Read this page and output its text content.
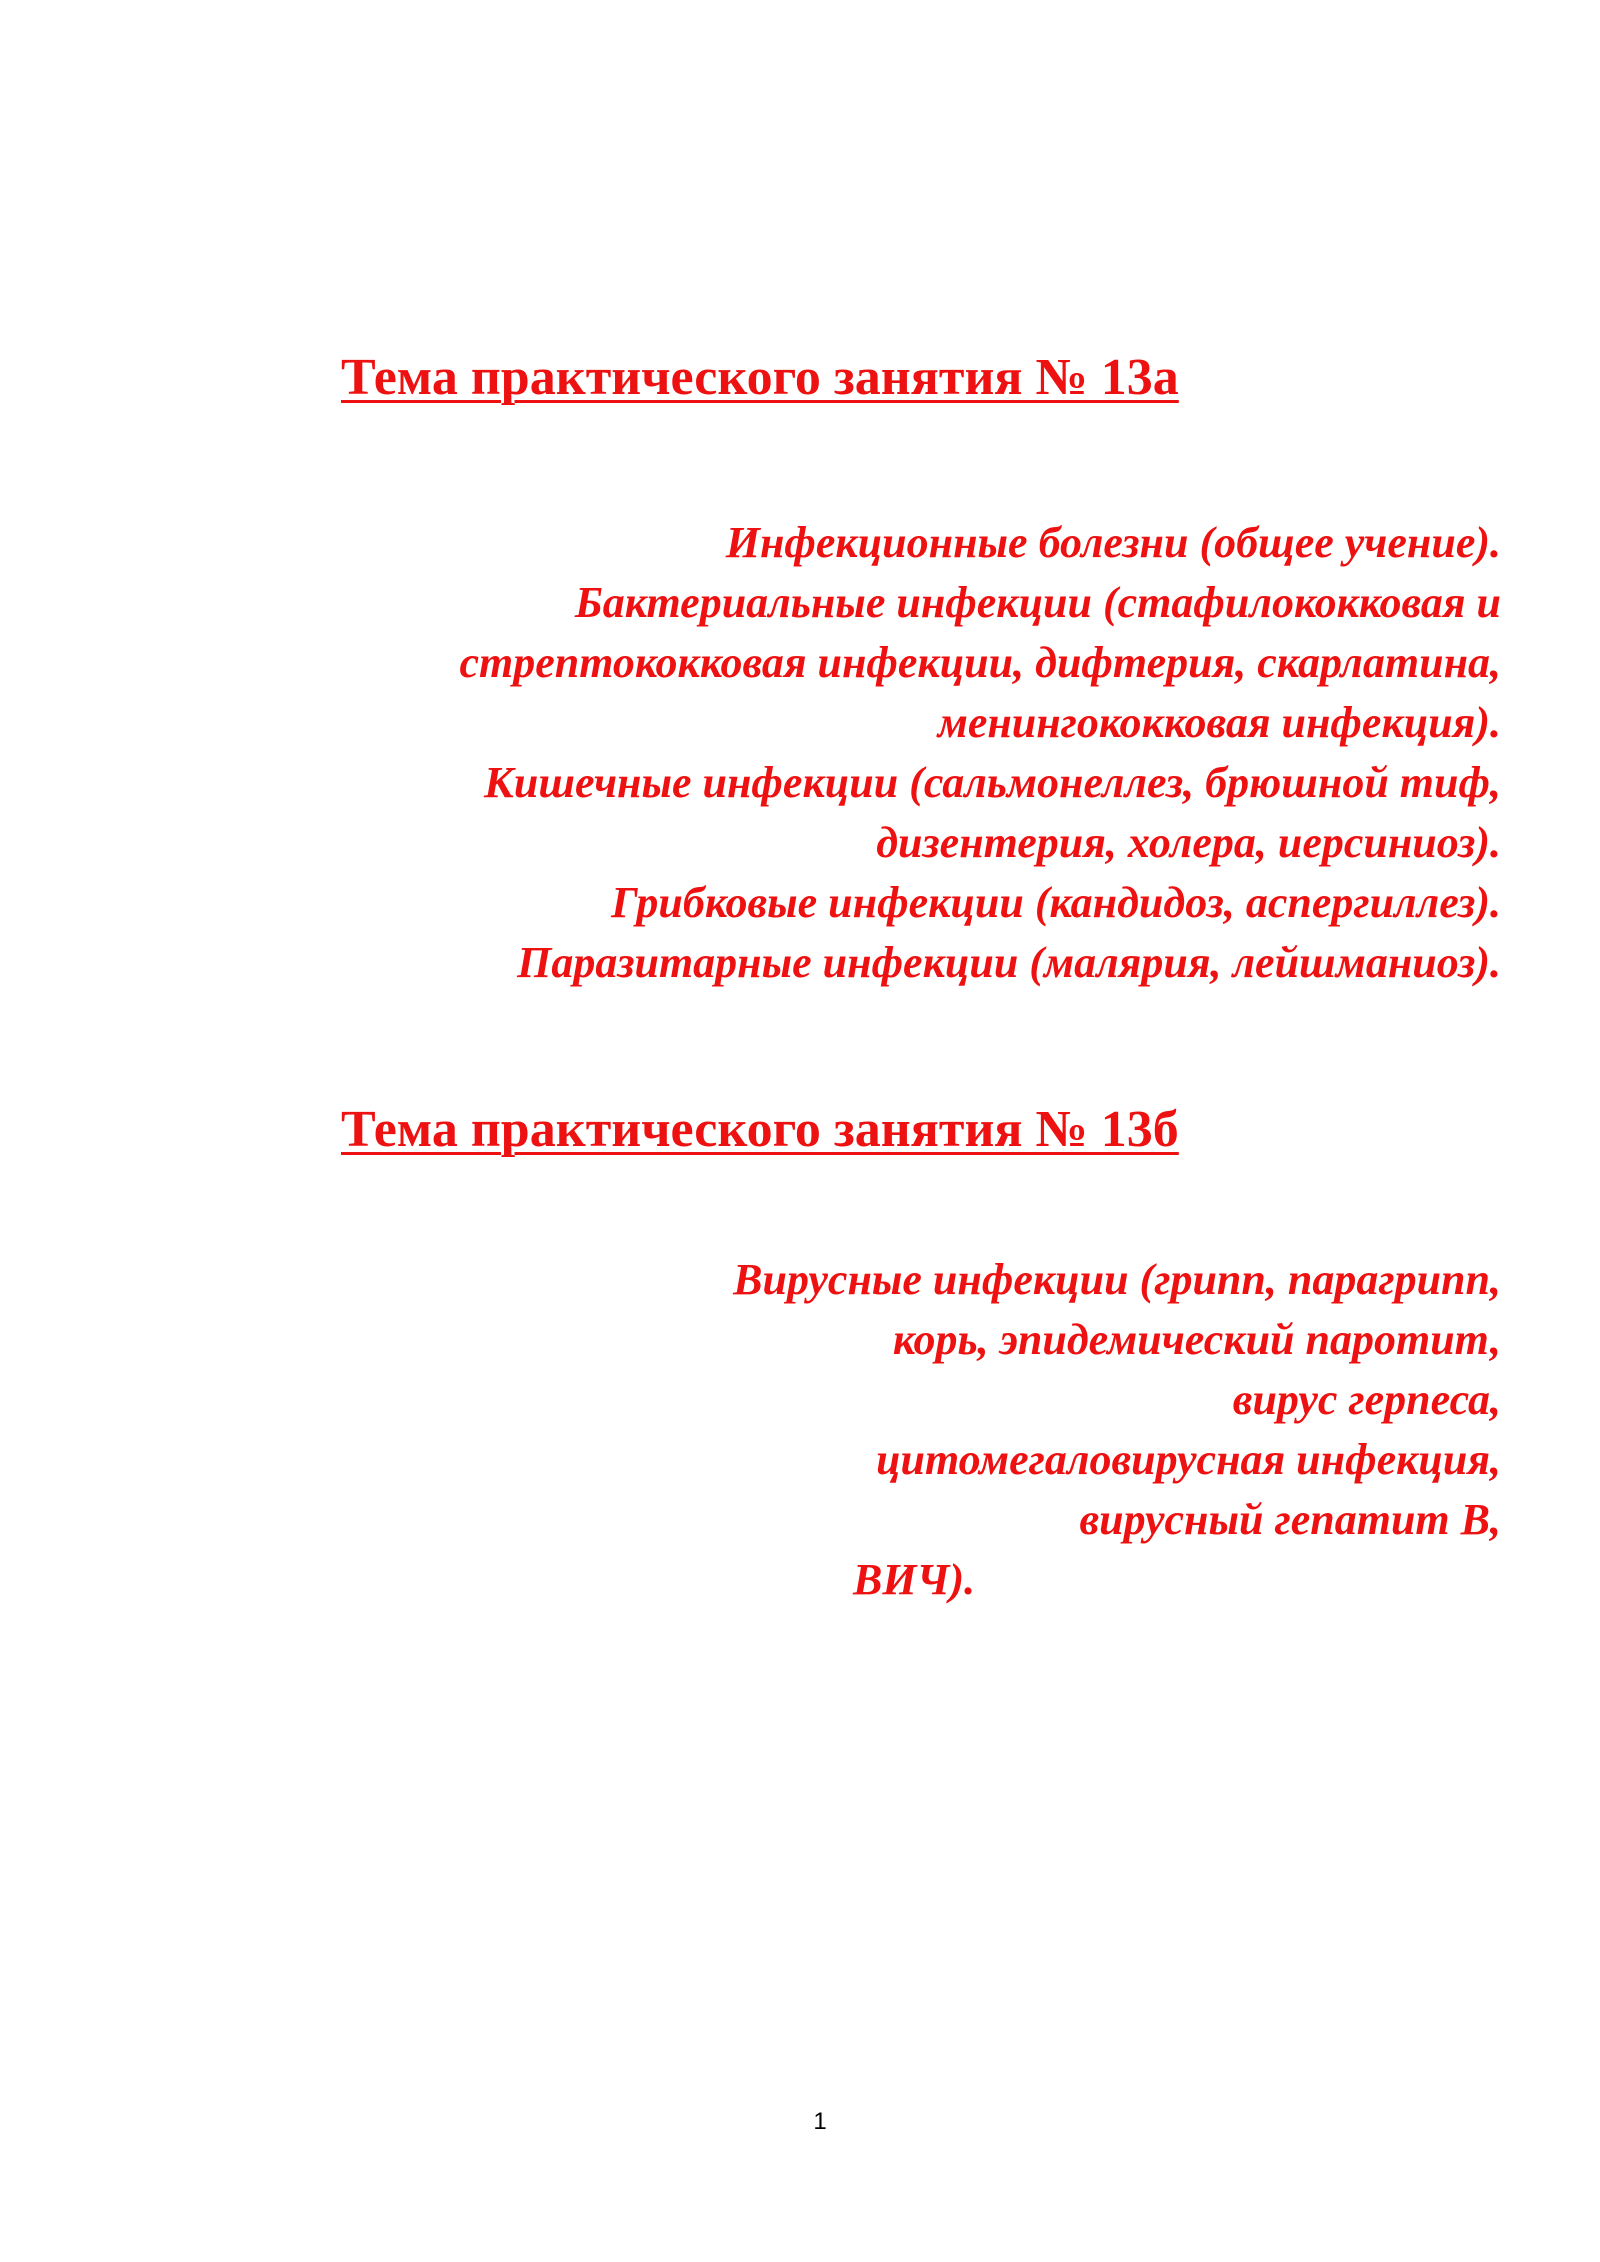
Тема практического занятия № 13а
Инфекционные болезни (общее учение).
Бактериальные инфекции (стафилококковая и
стрептококковая инфекции, дифтерия, скарлатина,
менингококковая инфекция).
Кишечные инфекции (сальмонеллез, брюшной тиф,
дизентерия, холера, иерсиниоз).
Грибковые инфекции (кандидоз, аспергиллез).
Паразитарные инфекции (малярия, лейшманиоз).
Тема практического занятия № 13б
Вирусные инфекции (грипп, парагрипп,
корь, эпидемический паротит,
вирус герпеса,
цитомегаловирусная инфекция,
вирусный гепатит В,
ВИЧ).
1
